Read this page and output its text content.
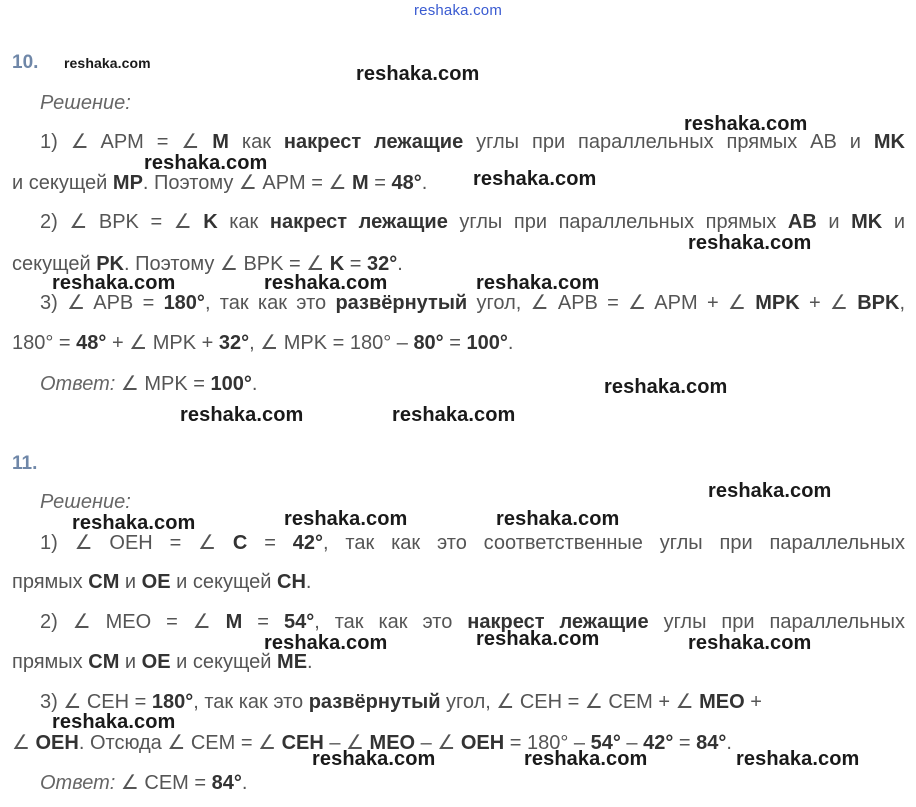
reshaka.com
10. reshaka.com
Решение:
1) ∠ APM = ∠ M как накрест лежащие углы при параллельных прямых AB и MK
и секущей MP. Поэтому ∠ APM = ∠ M = 48°.
2) ∠ BPK = ∠ K как накрест лежащие углы при параллельных прямых AB и MK и
секущей PK. Поэтому ∠ BPK = ∠ K = 32°.
3) ∠ APB = 180°, так как это развёрнутый угол, ∠ APB = ∠ APM + ∠ MPK + ∠ BPK,
180° = 48° + ∠ MPK + 32°, ∠ MPK = 180° – 80° = 100°.
Ответ: ∠ MPK = 100°.
11.
Решение:
1) ∠ OEH = ∠ C = 42°, так как это соответственные углы при параллельных
прямых CM и OE и секущей CH.
2) ∠ MEO = ∠ M = 54°, так как это накрест лежащие углы при параллельных
прямых CM и OE и секущей ME.
3) ∠ CEH = 180°, так как это развёрнутый угол, ∠ CEH = ∠ CEM + ∠ MEO +
∠ OEH. Отсюда ∠ CEM = ∠ CEH – ∠ MEO – ∠ OEH = 180° – 54° – 42° = 84°.
Ответ: ∠ CEM = 84°.
reshaka.com
reshaka.com
reshaka.com
reshaka.com
reshaka.com
reshaka.com	reshaka.com	reshaka.com
reshaka.com
reshaka.com	reshaka.com
reshaka.com
reshaka.com	reshaka.com
reshaka.com
reshaka.com
reshaka.com	reshaka.com
reshaka.com
reshaka.com	reshaka.com	reshaka.com
